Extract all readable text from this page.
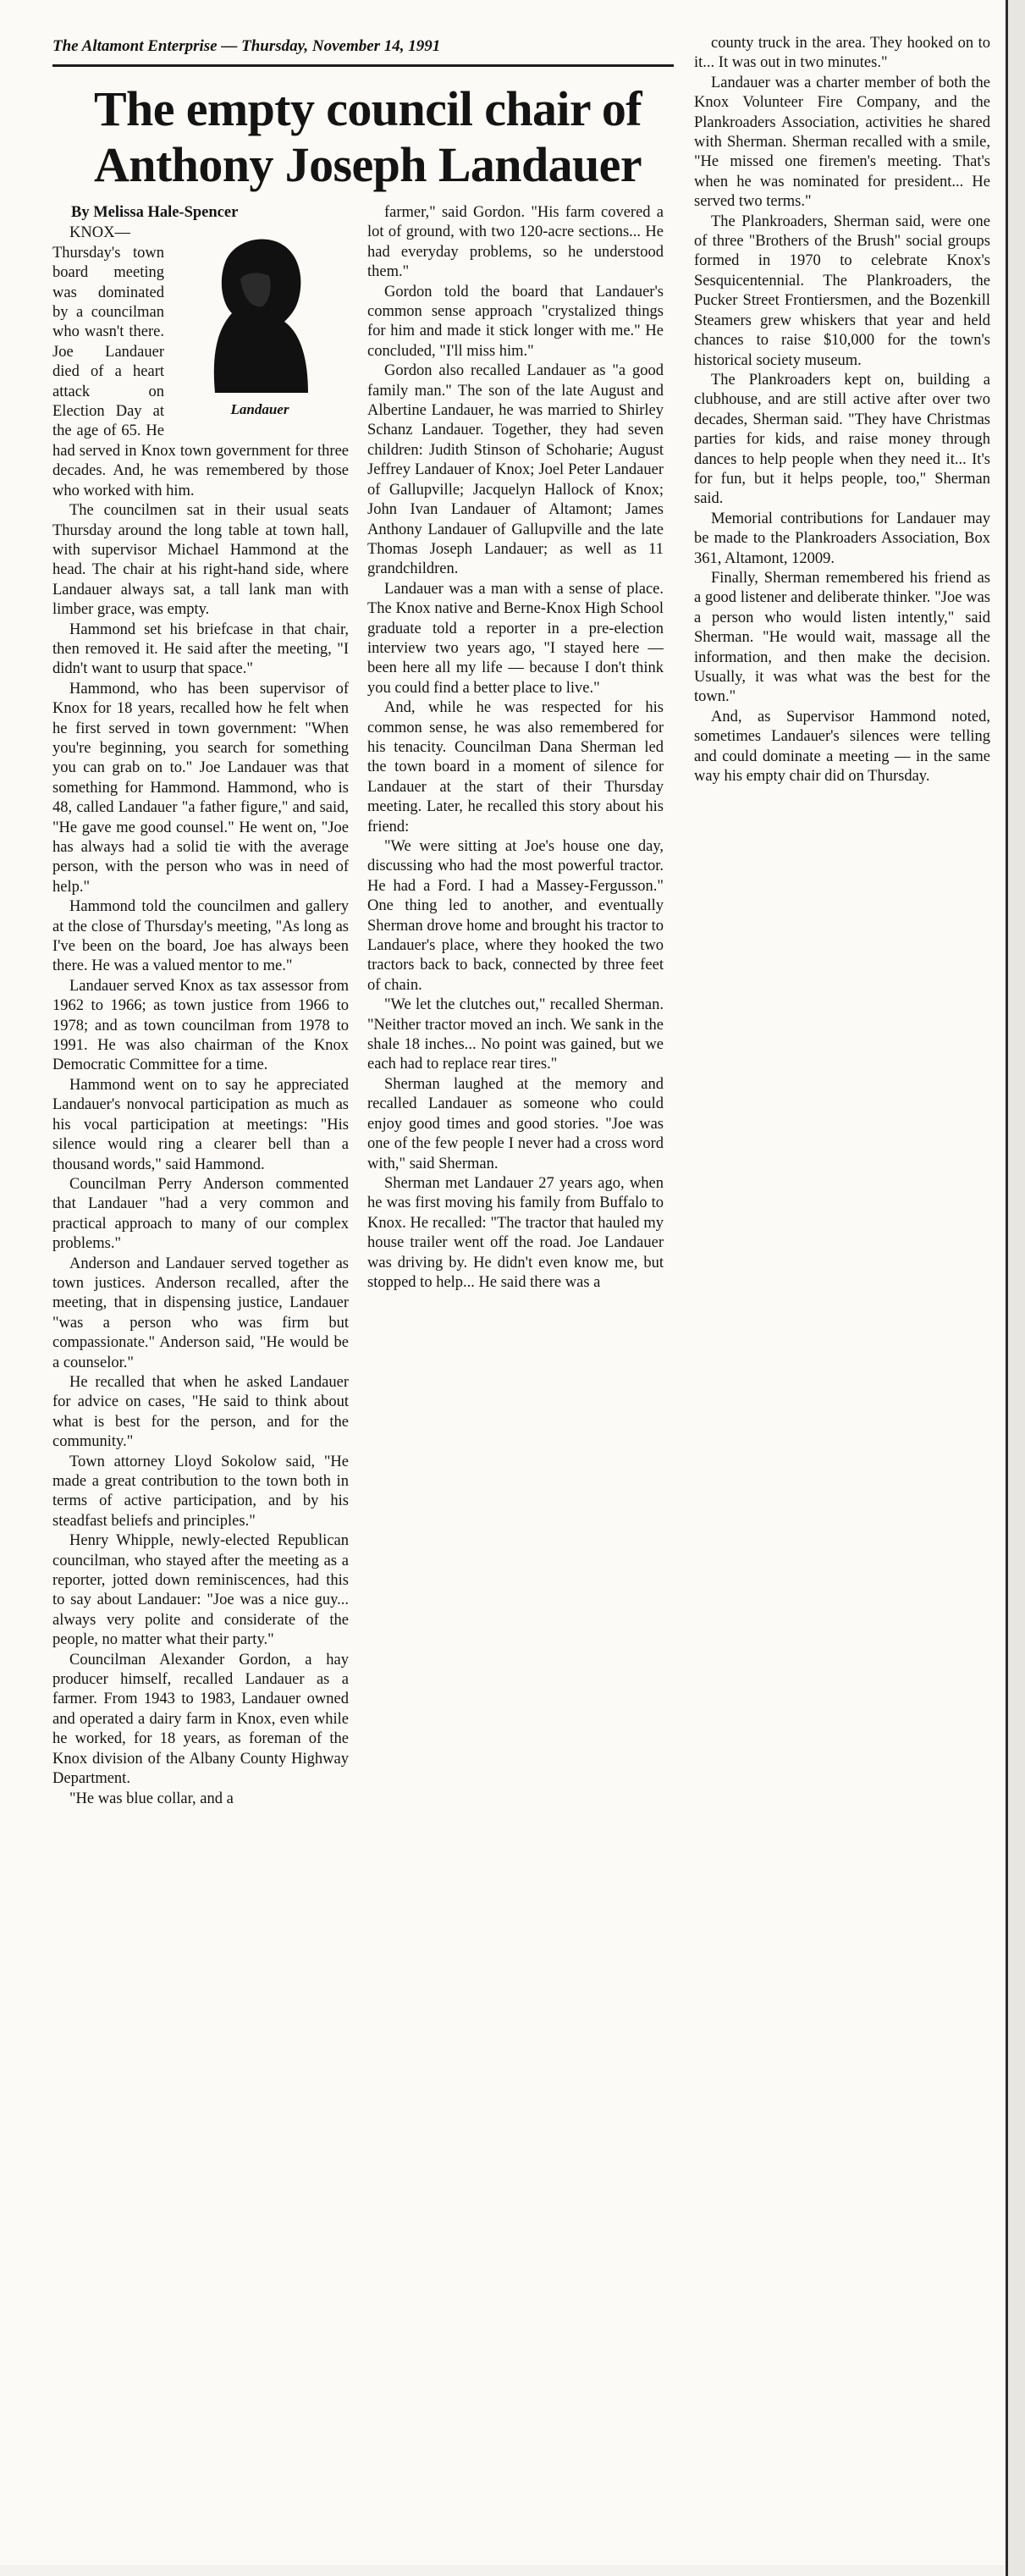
The Altamont Enterprise — Thursday, November 14, 1991
The empty council chair of Anthony Joseph Landauer

By Melissa Hale-Spencer

Landauer

KNOX—Thursday's town board meeting was dominated by a councilman who wasn't there. Joe Landauer died of a heart attack on Election Day at the age of 65. He had served in Knox town government for three decades. And, he was remembered by those who worked with him.

The councilmen sat in their usual seats Thursday around the long table at town hall, with supervisor Michael Hammond at the head. The chair at his right-hand side, where Landauer always sat, a tall lank man with limber grace, was empty.

Hammond set his briefcase in that chair, then removed it. He said after the meeting, "I didn't want to usurp that space."

Hammond, who has been supervisor of Knox for 18 years, recalled how he felt when he first served in town government: "When you're beginning, you search for something you can grab on to." Joe Landauer was that something for Hammond. Hammond, who is 48, called Landauer "a father figure," and said, "He gave me good counsel." He went on, "Joe has always had a solid tie with the average person, with the person who was in need of help."

Hammond told the councilmen and gallery at the close of Thursday's meeting, "As long as I've been on the board, Joe has always been there. He was a valued mentor to me."

Landauer served Knox as tax assessor from 1962 to 1966; as town justice from 1966 to 1978; and as town councilman from 1978 to 1991. He was also chairman of the Knox Democratic Committee for a time.

Hammond went on to say he appreciated Landauer's nonvocal participation as much as his vocal participation at meetings: "His silence would ring a clearer bell than a thousand words," said Hammond.

Councilman Perry Anderson commented that Landauer "had a very common and practical approach to many of our complex problems."

Anderson and Landauer served together as town justices. Anderson recalled, after the meeting, that in dispensing justice, Landauer "was a person who was firm but compassionate." Anderson said, "He would be a counselor."

He recalled that when he asked Landauer for advice on cases, "He said to think about what is best for the person, and for the community."

Town attorney Lloyd Sokolow said, "He made a great contribution to the town both in terms of active participation, and by his steadfast beliefs and principles."

Henry Whipple, newly-elected Republican councilman, who stayed after the meeting as a reporter, jotted down reminiscences, had this to say about Landauer: "Joe was a nice guy... always very polite and considerate of the people, no matter what their party."

Councilman Alexander Gordon, a hay producer himself, recalled Landauer as a farmer. From 1943 to 1983, Landauer owned and operated a dairy farm in Knox, even while he worked, for 18 years, as foreman of the Knox division of the Albany County Highway Department.

"He was blue collar, and a

farmer," said Gordon. "His farm covered a lot of ground, with two 120-acre sections... He had everyday problems, so he understood them."

Gordon told the board that Landauer's common sense approach "crystalized things for him and made it stick longer with me." He concluded, "I'll miss him."

Gordon also recalled Landauer as "a good family man." The son of the late August and Albertine Landauer, he was married to Shirley Schanz Landauer. Together, they had seven children: Judith Stinson of Schoharie; August Jeffrey Landauer of Knox; Joel Peter Landauer of Gallupville; Jacquelyn Hallock of Knox; John Ivan Landauer of Altamont; James Anthony Landauer of Gallupville and the late Thomas Joseph Landauer; as well as 11 grandchildren.

Landauer was a man with a sense of place. The Knox native and Berne-Knox High School graduate told a reporter in a pre-election interview two years ago, "I stayed here — been here all my life — because I don't think you could find a better place to live."

And, while he was respected for his common sense, he was also remembered for his tenacity. Councilman Dana Sherman led the town board in a moment of silence for Landauer at the start of their Thursday meeting. Later, he recalled this story about his friend:

"We were sitting at Joe's house one day, discussing who had the most powerful tractor. He had a Ford. I had a Massey-Fergusson." One thing led to another, and eventually Sherman drove home and brought his tractor to Landauer's place, where they hooked the two tractors back to back, connected by three feet of chain.

"We let the clutches out," recalled Sherman. "Neither tractor moved an inch. We sank in the shale 18 inches... No point was gained, but we each had to replace rear tires."

Sherman laughed at the memory and recalled Landauer as someone who could enjoy good times and good stories. "Joe was one of the few people I never had a cross word with," said Sherman.

Sherman met Landauer 27 years ago, when he was first moving his family from Buffalo to Knox. He recalled: "The tractor that hauled my house trailer went off the road. Joe Landauer was driving by. He didn't even know me, but stopped to help... He said there was a

county truck in the area. They hooked on to it... It was out in two minutes."

Landauer was a charter member of both the Knox Volunteer Fire Company, and the Plankroaders Association, activities he shared with Sherman. Sherman recalled with a smile, "He missed one firemen's meeting. That's when he was nominated for president... He served two terms."

The Plankroaders, Sherman said, were one of three "Brothers of the Brush" social groups formed in 1970 to celebrate Knox's Sesquicentennial. The Plankroaders, the Pucker Street Frontiersmen, and the Bozenkill Steamers grew whiskers that year and held chances to raise $10,000 for the town's historical society museum.

The Plankroaders kept on, building a clubhouse, and are still active after over two decades, Sherman said. "They have Christmas parties for kids, and raise money through dances to help people when they need it... It's for fun, but it helps people, too," Sherman said.

Memorial contributions for Landauer may be made to the Plankroaders Association, Box 361, Altamont, 12009.

Finally, Sherman remembered his friend as a good listener and deliberate thinker. "Joe was a person who would listen intently," said Sherman. "He would wait, massage all the information, and then make the decision. Usually, it was what was the best for the town."

And, as Supervisor Hammond noted, sometimes Landauer's silences were telling and could dominate a meeting — in the same way his empty chair did on Thursday.
